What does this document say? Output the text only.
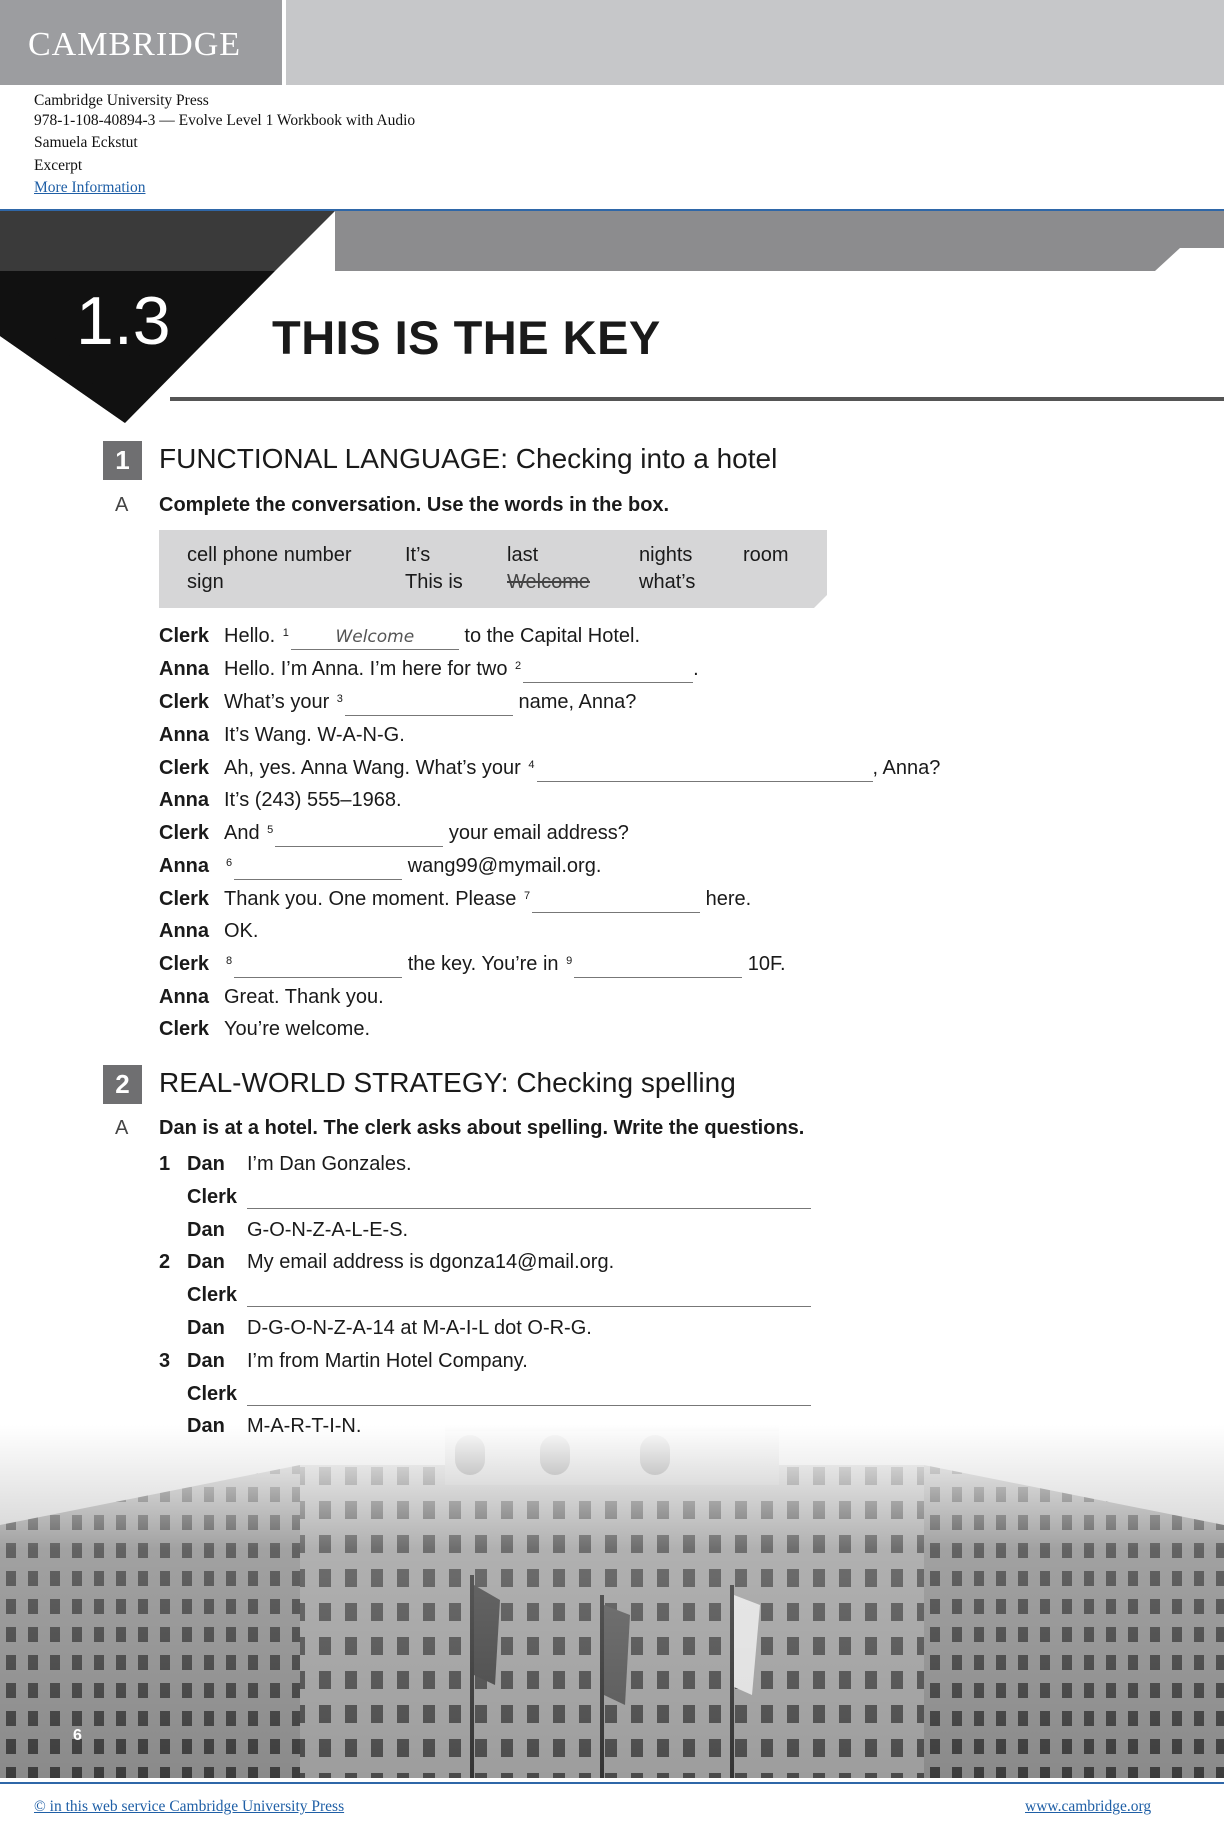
CAMBRIDGE
Cambridge University Press
978-1-108-40894-3 — Evolve Level 1 Workbook with Audio
Samuela Eckstut
Excerpt
More Information
1.3 THIS IS THE KEY
1	FUNCTIONAL LANGUAGE: Checking into a hotel
A Complete the conversation. Use the words in the box.
cell phone number	It’s	last	nights	room
sign	This is Welcome what’s
Clerk Hello.
1	Welcome
	to the Capital Hotel.
Anna Hello. I’m Anna. I’m here for two
2	.
Clerk What’s your
3
	name, Anna?
Anna It’s Wang. W-A-N-G.
Clerk Ah, yes. Anna Wang. What’s your
4	, Anna?
Anna It’s (243) 555–1968.
Clerk And
5
	your email address?
Anna	6
	wang99@mymail.org.
Clerk Thank you. One moment. Please
7
	here.
Anna OK.
Clerk	8
	the key. You’re in
9
	10F.
Anna Great. Thank you.
Clerk You’re welcome.
2	REAL-WORLD STRATEGY: Checking spelling
A Dan is at a hotel. The clerk asks about spelling. Write the questions.
1 Dan	I’m Dan Gonzales.
Clerk
Dan	G-O-N-Z-A-L-E-S.
2 Dan	My email address is dgonza14@mail.org.
Clerk
Dan	D-G-O-N-Z-A-14 at M-A-I-L dot O-R-G.
3 Dan	I’m from Martin Hotel Company.
Clerk
Dan	M-A-R-T-I-N.
6
© in this web service Cambridge University Press	www.cambridge.org
